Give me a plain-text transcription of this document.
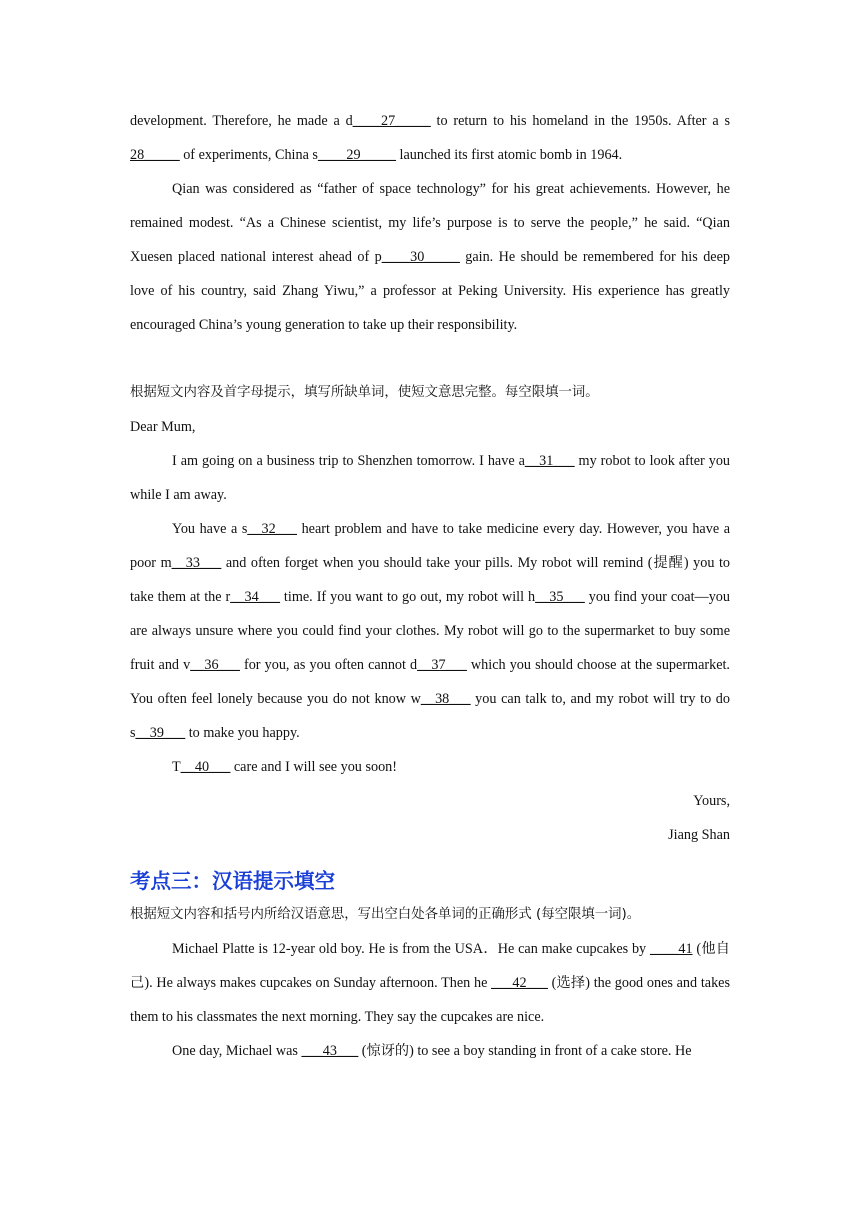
development. Therefore, he made a d____27_____ to return to his homeland in the 1950s. After a s 28_____ of experiments, China s____29_____ launched its first atomic bomb in 1964.

Qian was considered as “father of space technology” for his great achievements. However, he remained modest. “As a Chinese scientist, my life’s purpose is to serve the people,” he said. “Qian Xuesen placed national interest ahead of p____30_____ gain. He should be remembered for his deep love of his country, said Zhang Yiwu,” a professor at Peking University. His experience has greatly encouraged China’s young generation to take up their responsibility.

根据短文内容及首字母提示，填写所缺单词，使短文意思完整。每空限填一词。

Dear Mum,

I am going on a business trip to Shenzhen tomorrow. I have a__31___ my robot to look after you while I am away.

You have a s__32___ heart problem and have to take medicine every day. However, you have a poor m__33___ and often forget when you should take your pills. My robot will remind (提醒) you to take them at the r__34___ time. If you want to go out, my robot will h__35___ you find your coat—you are always unsure where you could find your clothes. My robot will go to the supermarket to buy some fruit and v__36___ for you, as you often cannot d__37___ which you should choose at the supermarket. You often feel lonely because you do not know w__38___ you can talk to, and my robot will try to do s__39___ to make you happy.

T__40___ care and I will see you soon!

Yours,

Jiang Shan

考点三：汉语提示填空

根据短文内容和括号内所给汉语意思，写出空白处各单词的正确形式 (每空限填一词)。

Michael Platte is 12-year old boy. He is from the USA．He can make cupcakes by ____41 (他自己). He always makes cupcakes on Sunday afternoon. Then he ___42___ (选择) the good ones and takes them to his classmates the next morning. They say the cupcakes are nice.

One day, Michael was ___43___ (惊讶的) to see a boy standing in front of a cake store. He
